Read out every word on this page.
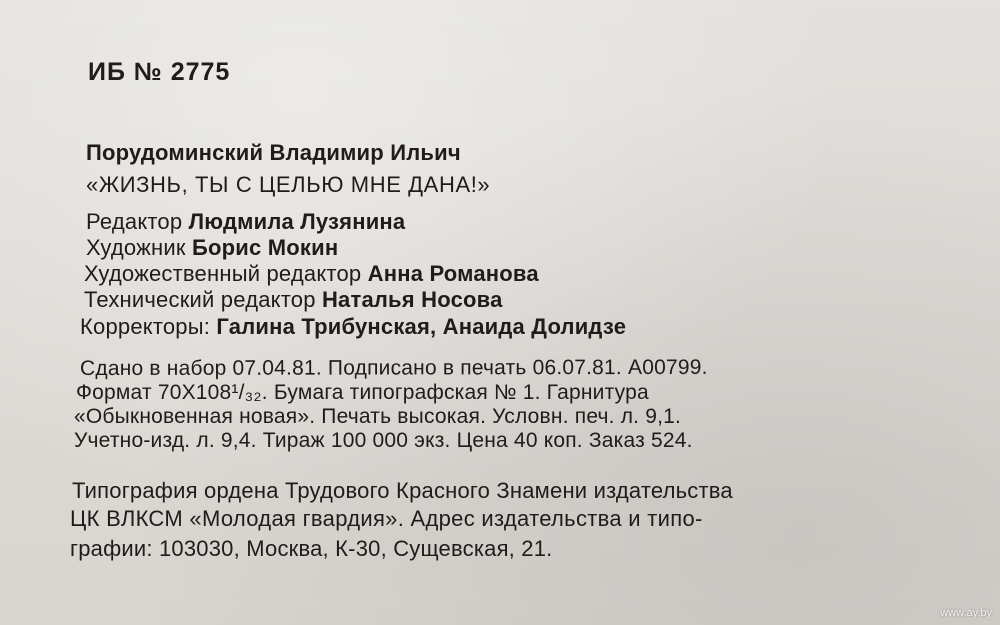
ИБ № 2775
Порудоминский Владимир Ильич
«ЖИЗНЬ, ТЫ С ЦЕЛЬЮ МНЕ ДАНА!»
Редактор Людмила Лузянина
Художник Борис Мокин
Художественный редактор Анна Романова
Технический редактор Наталья Носова
Корректоры: Галина Трибунская, Анаида Долидзе
Сдано в набор 07.04.81. Подписано в печать 06.07.81. А00799.
Формат 70Х108¹/₃₂. Бумага типографская № 1. Гарнитура
«Обыкновенная новая». Печать высокая. Условн. печ. л. 9,1.
Учетно-изд. л. 9,4. Тираж 100 000 экз. Цена 40 коп. Заказ 524.
Типография ордена Трудового Красного Знамени издательства
ЦК ВЛКСМ «Молодая гвардия». Адрес издательства и типо-
графии: 103030, Москва, К-30, Сущевская, 21.
www.ay.by
